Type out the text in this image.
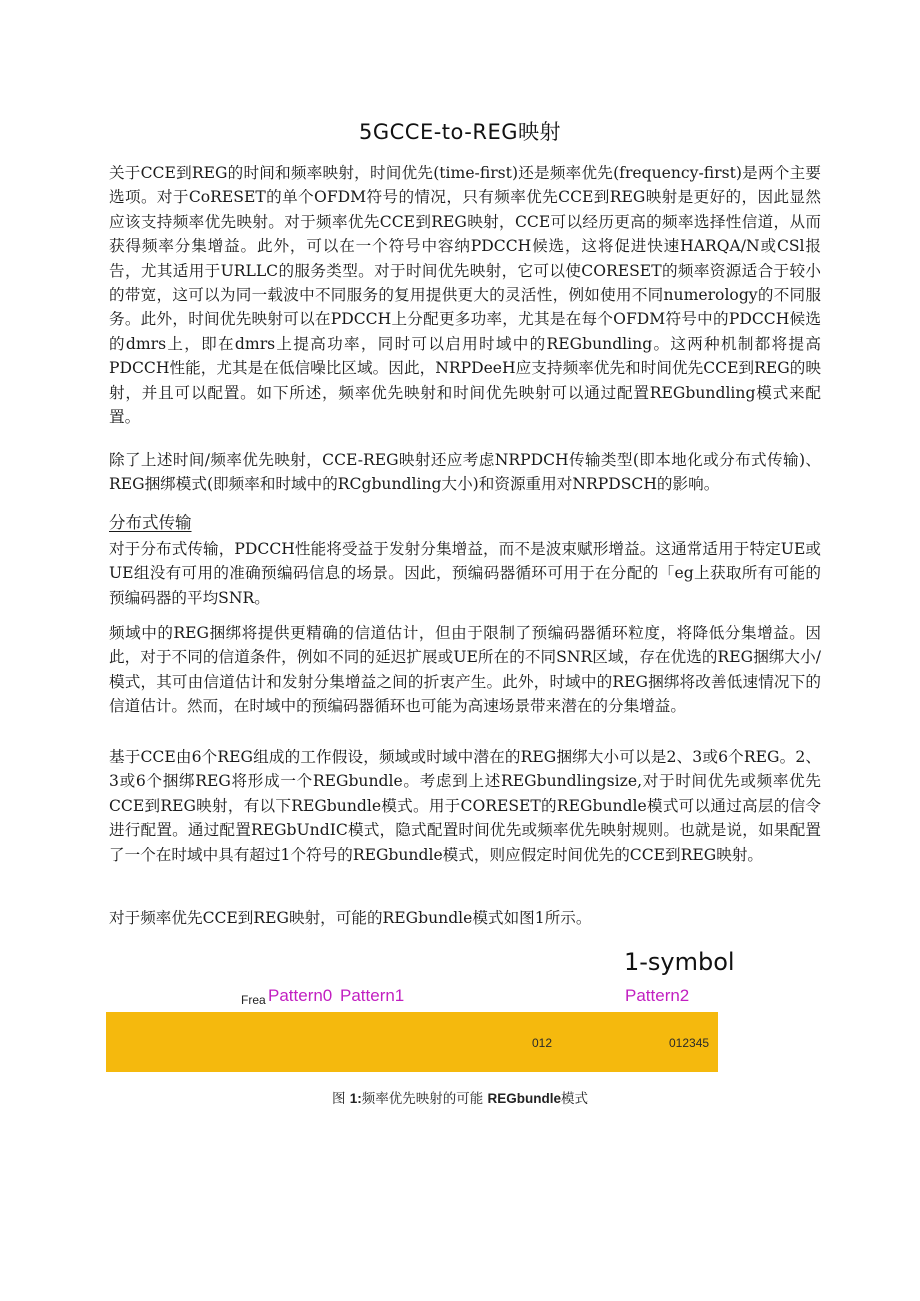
5GCCE-to-REG映射

关于CCE到REG的时间和频率映射，时间优先(time-first)还是频率优先(frequency-first)是两个主要选项。对于CoRESET的单个OFDM符号的情况，只有频率优先CCE到REG映射是更好的，因此显然应该支持频率优先映射。对于频率优先CCE到REG映射，CCE可以经历更高的频率选择性信道，从而获得频率分集增益。此外，可以在一个符号中容纳PDCCH候选，这将促进快速HARQA/N或CSl报告，尤其适用于URLLC的服务类型。对于时间优先映射，它可以使CORESET的频率资源适合于较小的带宽，这可以为同一载波中不同服务的复用提供更大的灵活性，例如使用不同numerology的不同服务。此外，时间优先映射可以在PDCCH上分配更多功率，尤其是在每个OFDM符号中的PDCCH候选的dmrs上，即在dmrs上提高功率，同时可以启用时域中的REGbundling。这两种机制都将提高PDCCH性能，尤其是在低信噪比区域。因此，NRPDeeH应支持频率优先和时间优先CCE到REG的映射，并且可以配置。如下所述，频率优先映射和时间优先映射可以通过配置REGbundling模式来配置。

除了上述时间/频率优先映射，CCE-REG映射还应考虑NRPDCH传输类型(即本地化或分布式传输)、REG捆绑模式(即频率和时域中的RCgbundling大小)和资源重用对NRPDSCH的影响。

分布式传输

对于分布式传输，PDCCH性能将受益于发射分集增益，而不是波束赋形增益。这通常适用于特定UE或UE组没有可用的准确预编码信息的场景。因此，预编码器循环可用于在分配的「eg上获取所有可能的预编码器的平均SNR。

频域中的REG捆绑将提供更精确的信道估计，但由于限制了预编码器循环粒度，将降低分集增益。因此，对于不同的信道条件，例如不同的延迟扩展或UE所在的不同SNR区域，存在优选的REG捆绑大小/模式，其可由信道估计和发射分集增益之间的折衷产生。此外，时域中的REG捆绑将改善低速情况下的信道估计。然而，在时域中的预编码器循环也可能为高速场景带来潜在的分集增益。

基于CCE由6个REG组成的工作假设，频域或时域中潜在的REG捆绑大小可以是2、3或6个REG。2、3或6个捆绑REG将形成一个REGbundle。考虑到上述REGbundlingsize,对于时间优先或频率优先CCE到REG映射，有以下REGbundle模式。用于CORESET的REGbundle模式可以通过高层的信令进行配置。通过配置REGbUndIC模式，隐式配置时间优先或频率优先映射规则。也就是说，如果配置了一个在时域中具有超过1个符号的REGbundle模式，则应假定时间优先的CCE到REG映射。

对于频率优先CCE到REG映射，可能的REGbundle模式如图1所示。

1-symbol
Frea Pattern0 Pattern1	Pattern2
012	012345
图 1:频率优先映射的可能 REGbundle模式
